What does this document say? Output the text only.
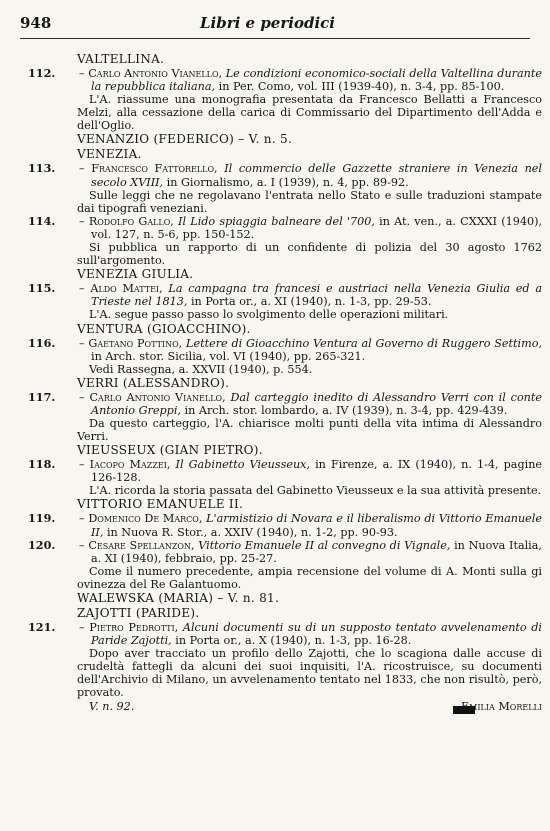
948	Libri e periodici
VALTELLINA.
112. – Carlo Antonio Vianello, Le condizioni economico-sociali della Valtellina durante la repubblica italiana, in Per. Como, vol. III (1939-40), n. 3-4, pp. 85-100.
L'A. riassume una monografia presentata da Francesco Bellatti a Francesco Melzi, alla cessazione della carica di Commissario del Dipartimento dell'Adda e dell'Oglio.
VENANZIO (FEDERICO) – V. n. 5.
VENEZIA.
113. – Francesco Fattorello, Il commercio delle Gazzette straniere in Venezia nel secolo XVIII, in Giornalismo, a. I (1939), n. 4, pp. 89-92.
Sulle leggi che ne regolavano l'entrata nello Stato e sulle traduzioni stampate dai tipografi veneziani.
114. – Rodolfo Gallo, Il Lido spiaggia balneare del '700, in At. ven., a. CXXXI (1940), vol. 127, n. 5-6, pp. 150-152.
Si pubblica un rapporto di un confidente di polizia del 30 agosto 1762 sull'argomento.
VENEZIA GIULIA.
115. – Aldo Mattei, La campagna tra francesi e austriaci nella Venezia Giulia ed a Trieste nel 1813, in Porta or., a. XI (1940), n. 1-3, pp. 29-53.
L'A. segue passo passo lo svolgimento delle operazioni militari.
VENTURA (GIOACCHINO).
116. – Gaetano Pottino, Lettere di Gioacchino Ventura al Governo di Ruggero Settimo, in Arch. stor. Sicilia, vol. VI (1940), pp. 265-321.
Vedi Rassegna, a. XXVII (1940), p. 554.
VERRI (ALESSANDRO).
117. – Carlo Antonio Vianello, Dal carteggio inedito di Alessandro Verri con il conte Antonio Greppi, in Arch. stor. lombardo, a. IV (1939), n. 3-4, pp. 429-439.
Da questo carteggio, l'A. chiarisce molti punti della vita intima di Alessandro Verri.
VIEUSSEUX (GIAN PIETRO).
118. – Iacopo Mazzei, Il Gabinetto Vieusseux, in Firenze, a. IX (1940), n. 1-4, pagine 126-128.
L'A. ricorda la storia passata del Gabinetto Vieusseux e la sua attività presente.
VITTORIO EMANUELE II.
119. – Domenico De Marco, L'armistizio di Novara e il liberalismo di Vittorio Emanuele II, in Nuova R. Stor., a. XXIV (1940), n. 1-2, pp. 90-93.
120. – Cesare Spellanzon, Vittorio Emanuele II al convegno di Vignale, in Nuova Italia, a. XI (1940), febbraio, pp. 25-27.
Come il numero precedente, ampia recensione del volume di A. Monti sulla gi ovinezza del Re Galantuomo.
WALEWSKA (MARIA) – V. n. 81.
ZAJOTTI (PARIDE).
121. – Pietro Pedrotti, Alcuni documenti su di un supposto tentato avvelenamento di Paride Zajotti, in Porta or., a. X (1940), n. 1-3, pp. 16-28.
Dopo aver tracciato un profilo dello Zajotti, che lo scagiona dalle accuse di crudeltà fattegli da alcuni dei suoi inquisiti, l'A. ricostruisce, su documenti dell'Archivio di Milano, un avvelenamento tentato nel 1833, che non risultò, però, provato.
V. n. 92.	Emilia Morelli
